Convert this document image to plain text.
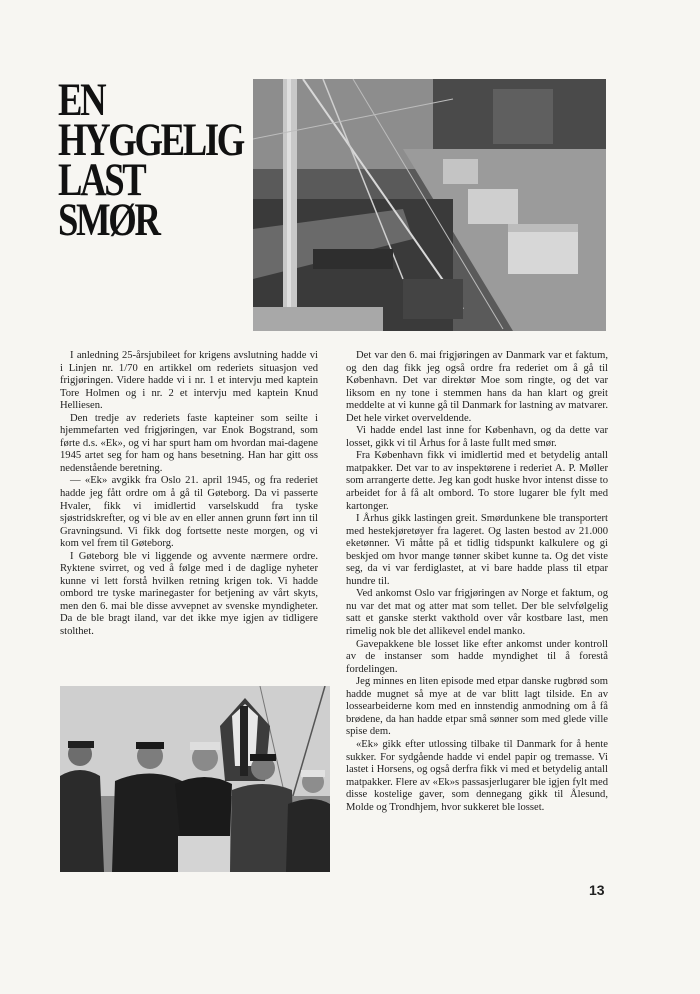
EN
HYGGELIG
LAST
SMØR

I anledning 25-årsjubileet for krigens avslutning hadde vi i Linjen nr. 1/70 en artikkel om rederiets situasjon ved frigjøringen. Videre hadde vi i nr. 1 et intervju med kaptein Tore Holmen og i nr. 2 et intervju med kaptein Knud Helliesen.

Den tredje av rederiets faste kapteiner som seilte i hjemmefarten ved frigjøringen, var Enok Bogstrand, som førte d.s. «Ek», og vi har spurt ham om hvordan mai-dagene 1945 artet seg for ham og hans besetning. Han har gitt oss nedenstående beretning.

— «Ek» avgikk fra Oslo 21. april 1945, og fra rederiet hadde jeg fått ordre om å gå til Gøteborg. Da vi passerte Hvaler, fikk vi imidlertid varselskudd fra tyske sjøstridskrefter, og vi ble av en eller annen grunn ført inn til Gravningsund. Vi fikk dog fortsette neste morgen, og vi kom vel frem til Gøteborg.

I Gøteborg ble vi liggende og avvente nærmere ordre. Ryktene svirret, og ved å følge med i de daglige nyheter kunne vi lett forstå hvilken retning krigen tok. Vi hadde ombord tre tyske marinegaster for betjening av vårt skyts, men den 6. mai ble disse avvepnet av svenske myndigheter. Da de ble bragt iland, var det ikke mye igjen av tidligere stolthet.

Det var den 6. mai frigjøringen av Danmark var et faktum, og den dag fikk jeg også ordre fra rederiet om å gå til København. Det var direktør Moe som ringte, og det var liksom en ny tone i stemmen hans da han klart og greit meddelte at vi kunne gå til Danmark for lastning av matvarer. Det hele virket overveldende.

Vi hadde endel last inne for København, og da dette var losset, gikk vi til Århus for å laste fullt med smør.

Fra København fikk vi imidlertid med et betydelig antall matpakker. Det var to av inspektørene i rederiet A. P. Møller som arrangerte dette. Jeg kan godt huske hvor intenst disse to arbeidet for å få alt ombord. To store lugarer ble fylt med kartonger.

I Århus gikk lastingen greit. Smørdunkene ble transportert med hestekjøretøyer fra lageret. Og lasten bestod av 21.000 eketønner. Vi måtte på et tidlig tidspunkt kalkulere og gi beskjed om hvor mange tønner skibet kunne ta. Og det viste seg, da vi var ferdiglastet, at vi bare hadde plass til etpar hundre til.

Ved ankomst Oslo var frigjøringen av Norge et faktum, og nu var det mat og atter mat som tellet. Der ble selvfølgelig satt et ganske sterkt vakthold over vår kostbare last, men rimelig nok ble det allikevel endel manko.

Gavepakkene ble losset like efter ankomst under kontroll av de instanser som hadde myndighet til å forestå fordelingen.

Jeg minnes en liten episode med etpar danske rugbrød som hadde mugnet så mye at de var blitt lagt tilside. En av lossearbeiderne kom med en innstendig anmodning om å få brødene, da han hadde etpar små sønner som med glede ville spise dem.

«Ek» gikk efter utlossing tilbake til Danmark for å hente sukker. For sydgående hadde vi endel papir og tremasse. Vi lastet i Horsens, og også derfra fikk vi med et betydelig antall matpakker. Flere av «Ek»s passasjerlugarer ble igjen fylt med disse kostelige gaver, som dennegang gikk til Ålesund, Molde og Trondhjem, hvor sukkeret ble losset.

13
